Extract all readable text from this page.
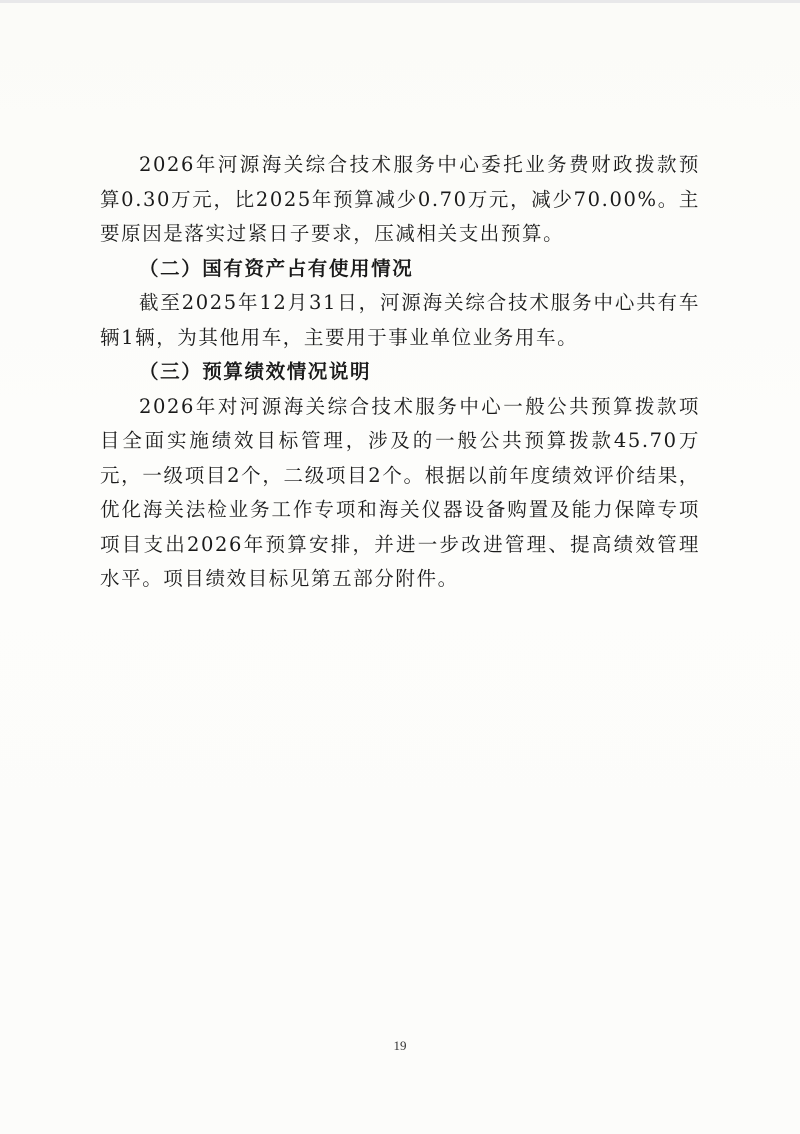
2026年河源海关综合技术服务中心委托业务费财政拨款预算0.30万元，比2025年预算减少0.70万元，减少70.00%。主要原因是落实过紧日子要求，压减相关支出预算。

（二）国有资产占有使用情况

截至2025年12月31日，河源海关综合技术服务中心共有车辆1辆，为其他用车，主要用于事业单位业务用车。

（三）预算绩效情况说明

2026年对河源海关综合技术服务中心一般公共预算拨款项目全面实施绩效目标管理，涉及的一般公共预算拨款45.70万元，一级项目2个，二级项目2个。根据以前年度绩效评价结果，优化海关法检业务工作专项和海关仪器设备购置及能力保障专项项目支出2026年预算安排，并进一步改进管理、提高绩效管理水平。项目绩效目标见第五部分附件。

19
